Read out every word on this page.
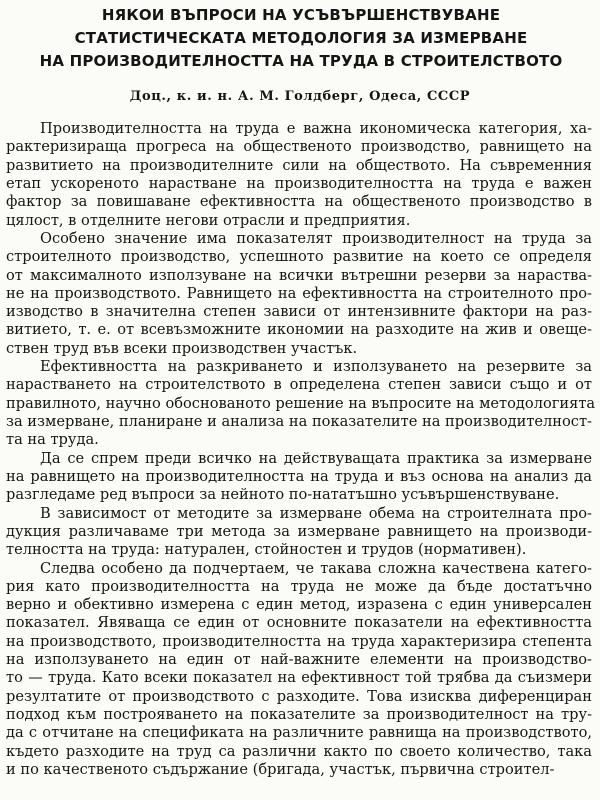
НЯКОИ ВЪПРОСИ НА УСЪВЪРШЕНСТВУВАНЕ
СТАТИСТИЧЕСКАТА МЕТОДОЛОГИЯ ЗА ИЗМЕРВАНЕ
НА ПРОИЗВОДИТЕЛНОСТТА НА ТРУДА В СТРОИТЕЛСТВОТО
Доц., к. и. н. А. М. Голдберг, Одеса, СССР
Производителността на труда е важна икономическа категория, ха-
рактеризираща прогреса на общественото производство, равнището на
развитието на производителните сили на обществото. На съвременния
етап ускореното нарастване на производителността на труда е важен
фактор за повишаване ефективността на общественото производство в
цялост, в отделните негови отрасли и предприятия.
Особено значение има показателят производителност на труда за
строителното производство, успешното развитие на което се определя
от максималното използуване на всички вътрешни резерви за нараства-
не на производството. Равнището на ефективността на строителното про-
изводство в значителна степен зависи от интензивните фактори на раз-
витието, т. е. от всевъзможните икономии на разходите на жив и овеще-
ствен труд във всеки производствен участък.
Ефективността на разкриването и използуването на резервите за
нарастването на строителството в определена степен зависи също и от
правилното, научно обоснованото решение на въпросите на методологията
за измерване, планиране и анализа на показателите на производителност-
та на труда.
Да се спрем преди всичко на действуващата практика за измерване
на равнището на производителността на труда и въз основа на анализ да
разгледаме ред въпроси за нейното по-нататъшно усъвършенствуване.
В зависимост от методите за измерване обема на строителната про-
дукция различаваме три метода за измерване равнището на производи-
телността на труда: натурален, стойностен и трудов (нормативен).
Следва особено да подчертаем, че такава сложна качествена катего-
рия като производителността на труда не може да бъде достатъчно
верно и обективно измерена с един метод, изразена с един универсален
показател. Явяваща се един от основните показатели на ефективността
на производството, производителността на труда характеризира степента
на използуването на един от най-важните елементи на производство-
то — труда. Като всеки показател на ефективност той трябва да съизмери
резултатите от производството с разходите. Това изисква диференциран
подход към построяването на показателите за производителност на тру-
да с отчитане на спецификата на различните равнища на производството,
където разходите на труд са различни както по своето количество, така
и по качественото съдържание (бригада, участък, първична строител-
